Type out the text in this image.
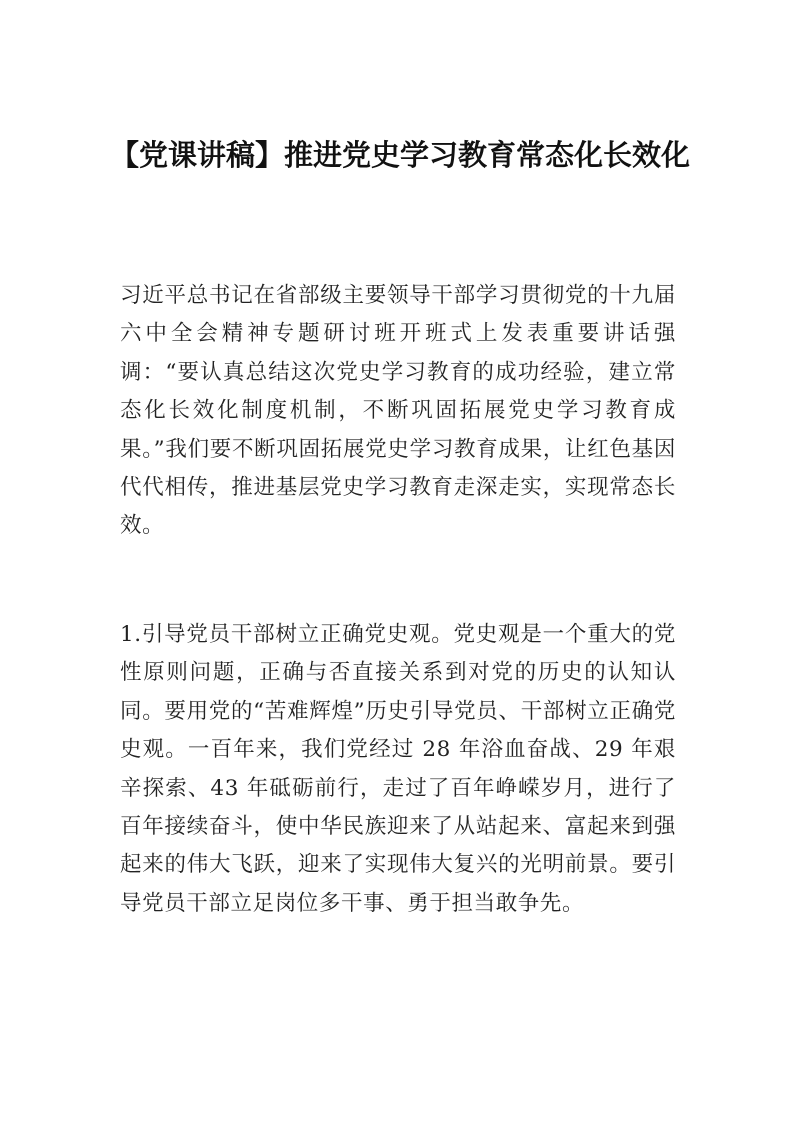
【党课讲稿】推进党史学习教育常态化长效化

习近平总书记在省部级主要领导干部学习贯彻党的十九届六中全会精神专题研讨班开班式上发表重要讲话强调：“要认真总结这次党史学习教育的成功经验，建立常态化长效化制度机制，不断巩固拓展党史学习教育成果。”我们要不断巩固拓展党史学习教育成果，让红色基因代代相传，推进基层党史学习教育走深走实，实现常态长效。

1.引导党员干部树立正确党史观。党史观是一个重大的党性原则问题，正确与否直接关系到对党的历史的认知认同。要用党的“苦难辉煌”历史引导党员、干部树立正确党史观。一百年来，我们党经过 28 年浴血奋战、29 年艰辛探索、43 年砥砺前行，走过了百年峥嵘岁月，进行了百年接续奋斗，使中华民族迎来了从站起来、富起来到强起来的伟大飞跃，迎来了实现伟大复兴的光明前景。要引导党员干部立足岗位多干事、勇于担当敢争先。
